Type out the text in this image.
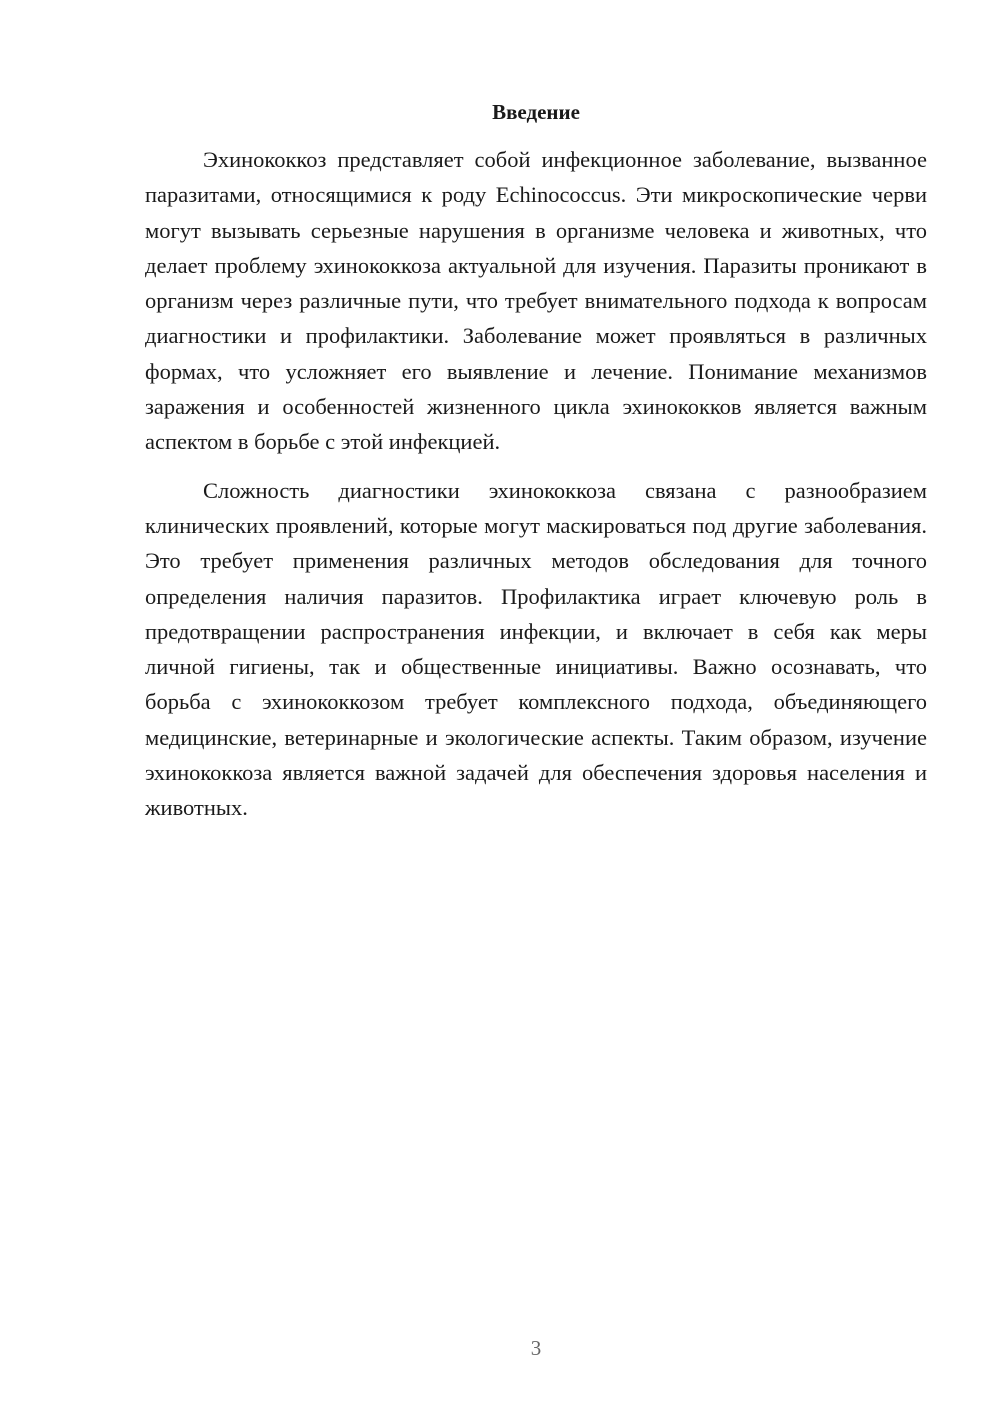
Введение

Эхинококкоз представляет собой инфекционное заболевание, вызванное паразитами, относящимися к роду Echinococcus. Эти микроскопические черви могут вызывать серьезные нарушения в организме человека и животных, что делает проблему эхинококкоза актуальной для изучения. Паразиты проникают в организм через различные пути, что требует внимательного подхода к вопросам диагностики и профилактики. Заболевание может проявляться в различных формах, что усложняет его выявление и лечение. Понимание механизмов заражения и особенностей жизненного цикла эхинококков является важным аспектом в борьбе с этой инфекцией.

Сложность диагностики эхинококкоза связана с разнообразием клинических проявлений, которые могут маскироваться под другие заболевания. Это требует применения различных методов обследования для точного определения наличия паразитов. Профилактика играет ключевую роль в предотвращении распространения инфекции, и включает в себя как меры личной гигиены, так и общественные инициативы. Важно осознавать, что борьба с эхинококкозом требует комплексного подхода, объединяющего медицинские, ветеринарные и экологические аспекты. Таким образом, изучение эхинококкоза является важной задачей для обеспечения здоровья населения и животных.

3
